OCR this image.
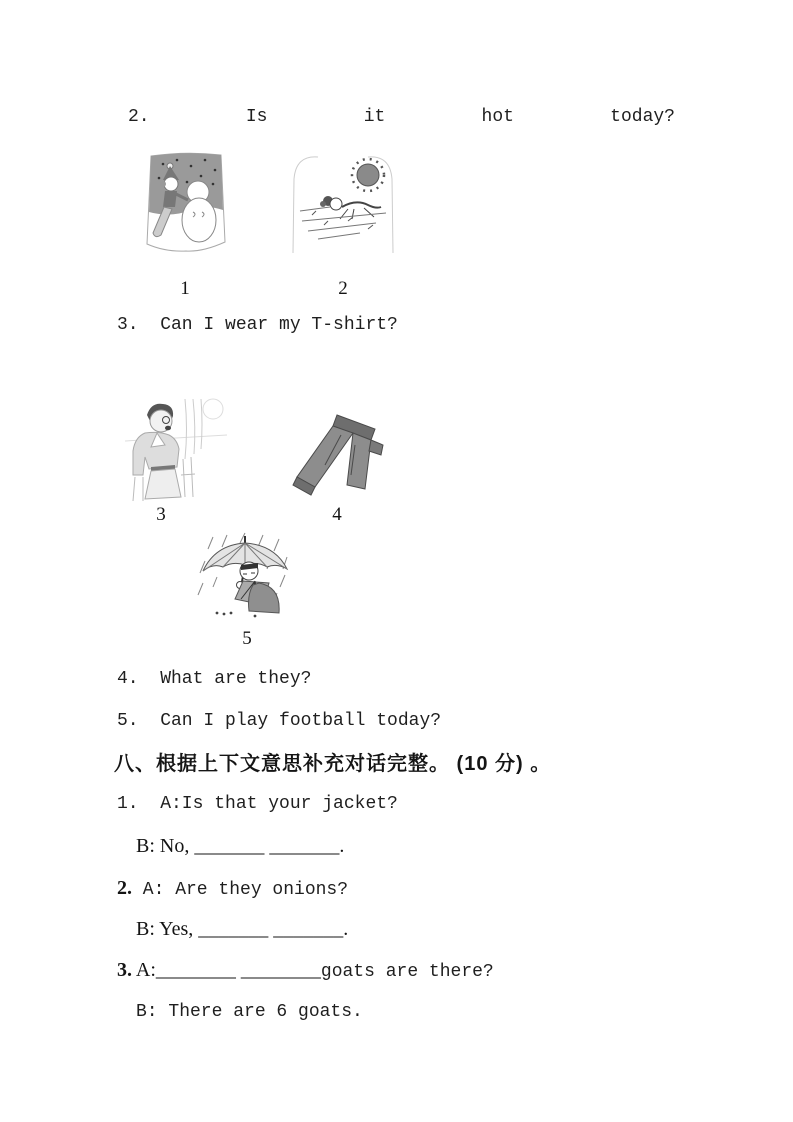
2.	Is	it	hot	today?
1	2
3.  Can I wear my T-shirt?
3	4
5
4.  What are they?
5.  Can I play football today?
八、根据上下文意思补充对话完整。 (10 分) 。
1.  A:Is that your jacket?
B: No, _______ _______.
2. A: Are they onions?
B: Yes, _______ _______.
3. A:________ ________goats are there?
B: There are 6 goats.
